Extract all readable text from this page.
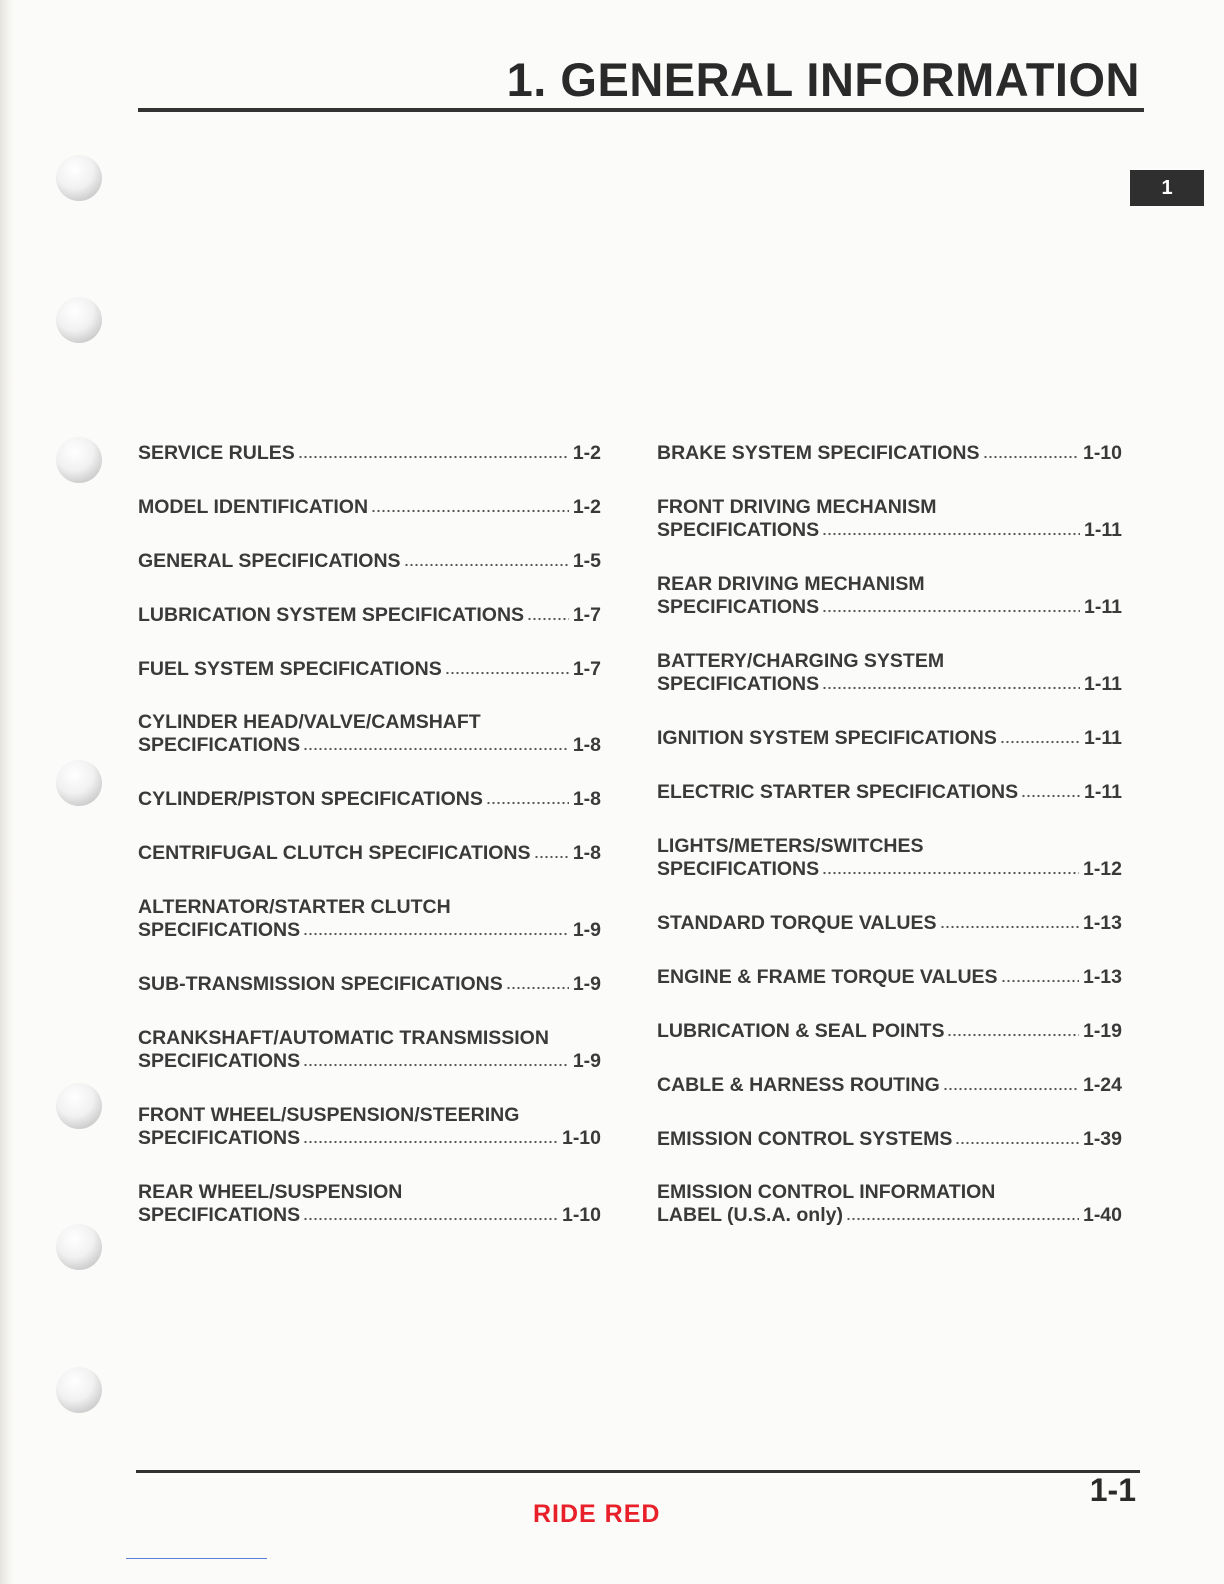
1. GENERAL INFORMATION
1
SERVICE RULES	1-2
MODEL IDENTIFICATION	1-2
GENERAL SPECIFICATIONS	1-5
LUBRICATION SYSTEM SPECIFICATIONS	1-7
FUEL SYSTEM SPECIFICATIONS	1-7
CYLINDER HEAD/VALVE/CAMSHAFT
SPECIFICATIONS	1-8
CYLINDER/PISTON SPECIFICATIONS	1-8
CENTRIFUGAL CLUTCH SPECIFICATIONS 1-8
ALTERNATOR/STARTER CLUTCH
SPECIFICATIONS	1-9
SUB-TRANSMISSION SPECIFICATIONS	1-9
CRANKSHAFT/AUTOMATIC TRANSMISSION
SPECIFICATIONS	1-9
FRONT WHEEL/SUSPENSION/STEERING
SPECIFICATIONS	1-10
REAR WHEEL/SUSPENSION
SPECIFICATIONS	1-10
BRAKE SYSTEM SPECIFICATIONS	1-10
FRONT DRIVING MECHANISM
SPECIFICATIONS	1-11
REAR DRIVING MECHANISM
SPECIFICATIONS	1-11
BATTERY/CHARGING SYSTEM
SPECIFICATIONS	1-11
IGNITION SYSTEM SPECIFICATIONS	1-11
ELECTRIC STARTER SPECIFICATIONS	1-11
LIGHTS/METERS/SWITCHES
SPECIFICATIONS	1-12
STANDARD TORQUE VALUES	1-13
ENGINE & FRAME TORQUE VALUES	1-13
LUBRICATION & SEAL POINTS	1-19
CABLE & HARNESS ROUTING	1-24
EMISSION CONTROL SYSTEMS	1-39
EMISSION CONTROL INFORMATION
LABEL (U.S.A. only)	1-40
1-1
RIDE RED
